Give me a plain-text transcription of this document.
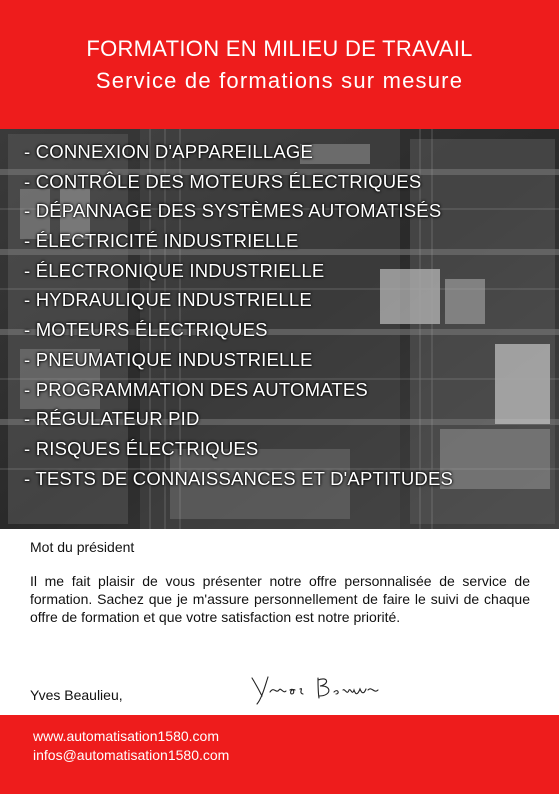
FORMATION EN MILIEU DE TRAVAIL
Service de formations sur mesure
- CONNEXION D'APPAREILLAGE
- CONTRÔLE DES MOTEURS ÉLECTRIQUES
- DÉPANNAGE DES SYSTÈMES AUTOMATISÉS
- ÉLECTRICITÉ INDUSTRIELLE
- ÉLECTRONIQUE INDUSTRIELLE
- HYDRAULIQUE INDUSTRIELLE
- MOTEURS ÉLECTRIQUES
- PNEUMATIQUE INDUSTRIELLE
- PROGRAMMATION DES AUTOMATES
- RÉGULATEUR PID
- RISQUES ÉLECTRIQUES
- TESTS DE CONNAISSANCES ET D'APTITUDES
Mot du président
Il me fait plaisir de vous présenter notre offre personnalisée de service de formation. Sachez que je m'assure personnellement de faire le suivi de chaque offre de formation et que votre satisfaction est notre priorité.
Yves Beaulieu,
www.automatisation1580.com
infos@automatisation1580.com
